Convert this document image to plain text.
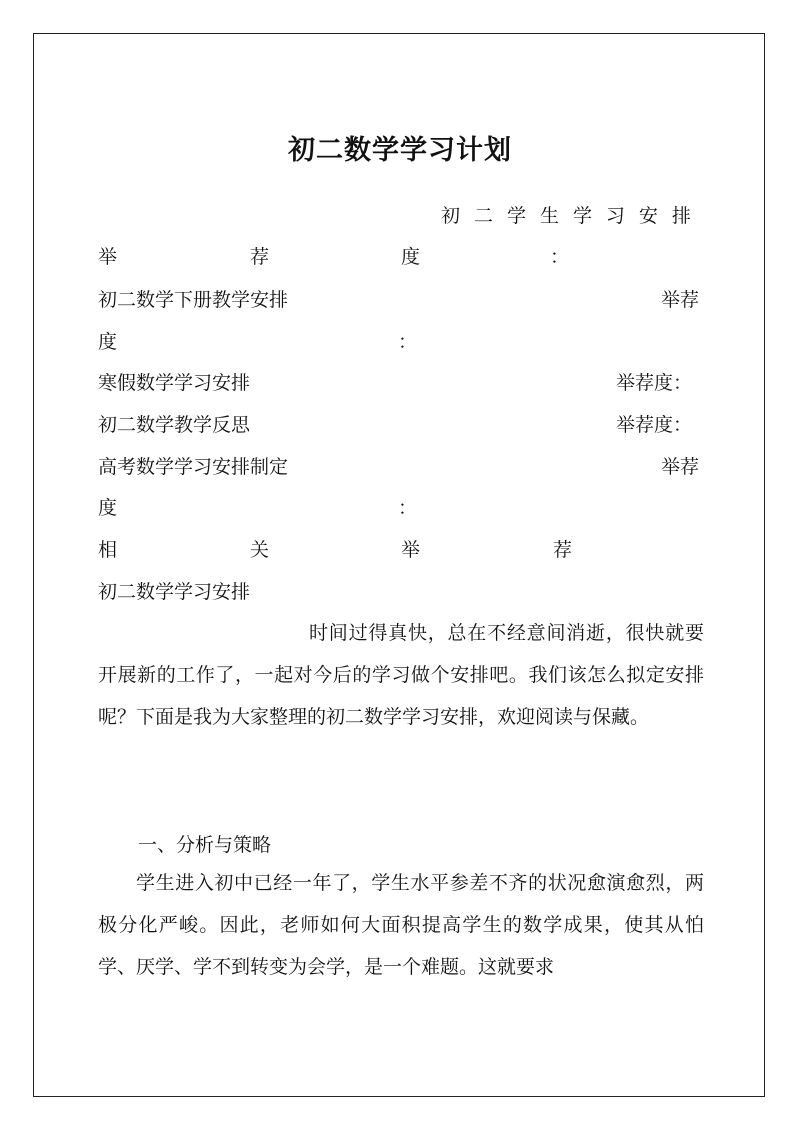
初二数学学习计划
初 二 学 生 学 习 安 排
举	荐	度	：
初二数学下册教学安排	举荐
度	：
寒假数学学习安排	举荐度：
初二数学教学反思	举荐度：
高考数学学习安排制定	举荐
度	：
相	关	举	荐
初二数学学习安排
时间过得真快，总在不经意间消逝，很快就要开展新的工作了，一起对今后的学习做个安排吧。我们该怎么拟定安排呢？下面是我为大家整理的初二数学学习安排，欢迎阅读与保藏。
一、分析与策略
学生进入初中已经一年了，学生水平参差不齐的状况愈演愈烈，两极分化严峻。因此，老师如何大面积提高学生的数学成果，使其从怕学、厌学、学不到转变为会学，是一个难题。这就要求
